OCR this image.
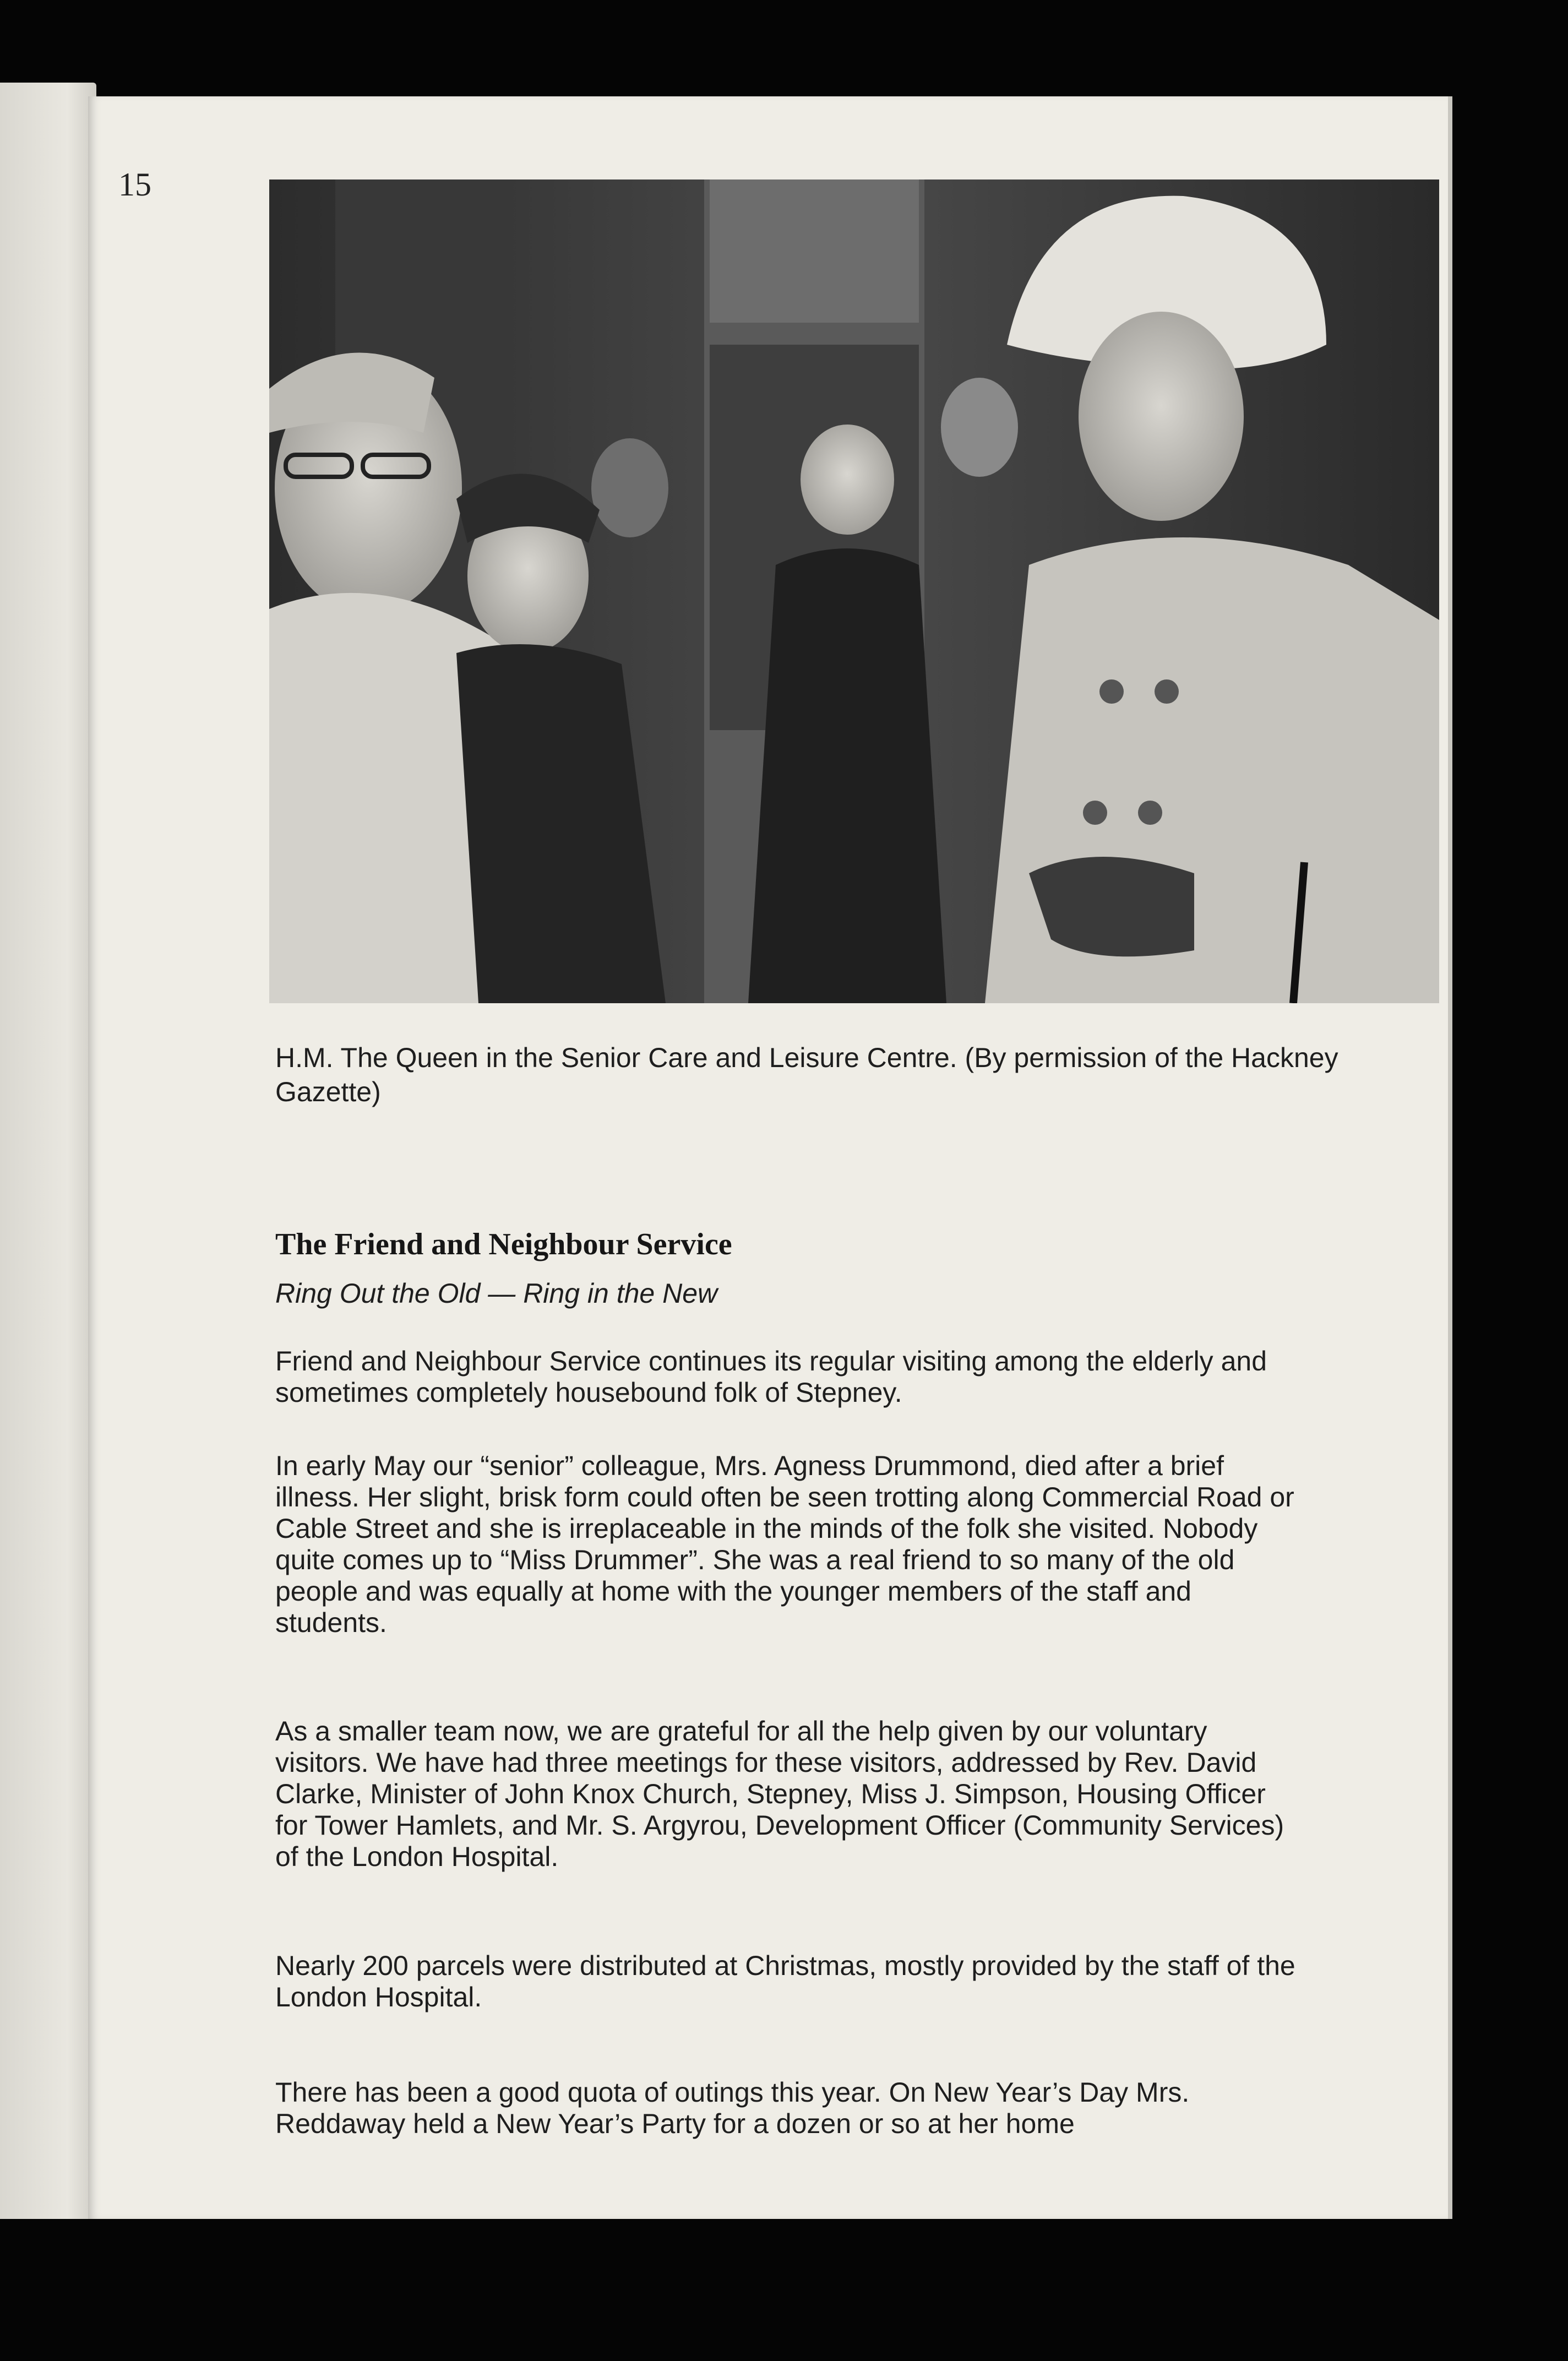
15

H.M. The Queen in the Senior Care and Leisure Centre. (By permission of the Hackney Gazette)

The Friend and Neighbour Service
Ring Out the Old — Ring in the New

Friend and Neighbour Service continues its regular visiting among the elderly and sometimes completely housebound folk of Stepney.

In early May our “senior” colleague, Mrs. Agness Drummond, died after a brief illness. Her slight, brisk form could often be seen trotting along Commercial Road or Cable Street and she is irreplaceable in the minds of the folk she visited. Nobody quite comes up to “Miss Drummer”. She was a real friend to so many of the old people and was equally at home with the younger members of the staff and students.

As a smaller team now, we are grateful for all the help given by our voluntary visitors. We have had three meetings for these visitors, addressed by Rev. David Clarke, Minister of John Knox Church, Stepney, Miss J. Simpson, Housing Officer for Tower Hamlets, and Mr. S. Argyrou, Development Officer (Community Services) of the London Hospital.

Nearly 200 parcels were distributed at Christmas, mostly provided by the staff of the London Hospital.

There has been a good quota of outings this year. On New Year’s Day Mrs. Reddaway held a New Year’s Party for a dozen or so at her home
